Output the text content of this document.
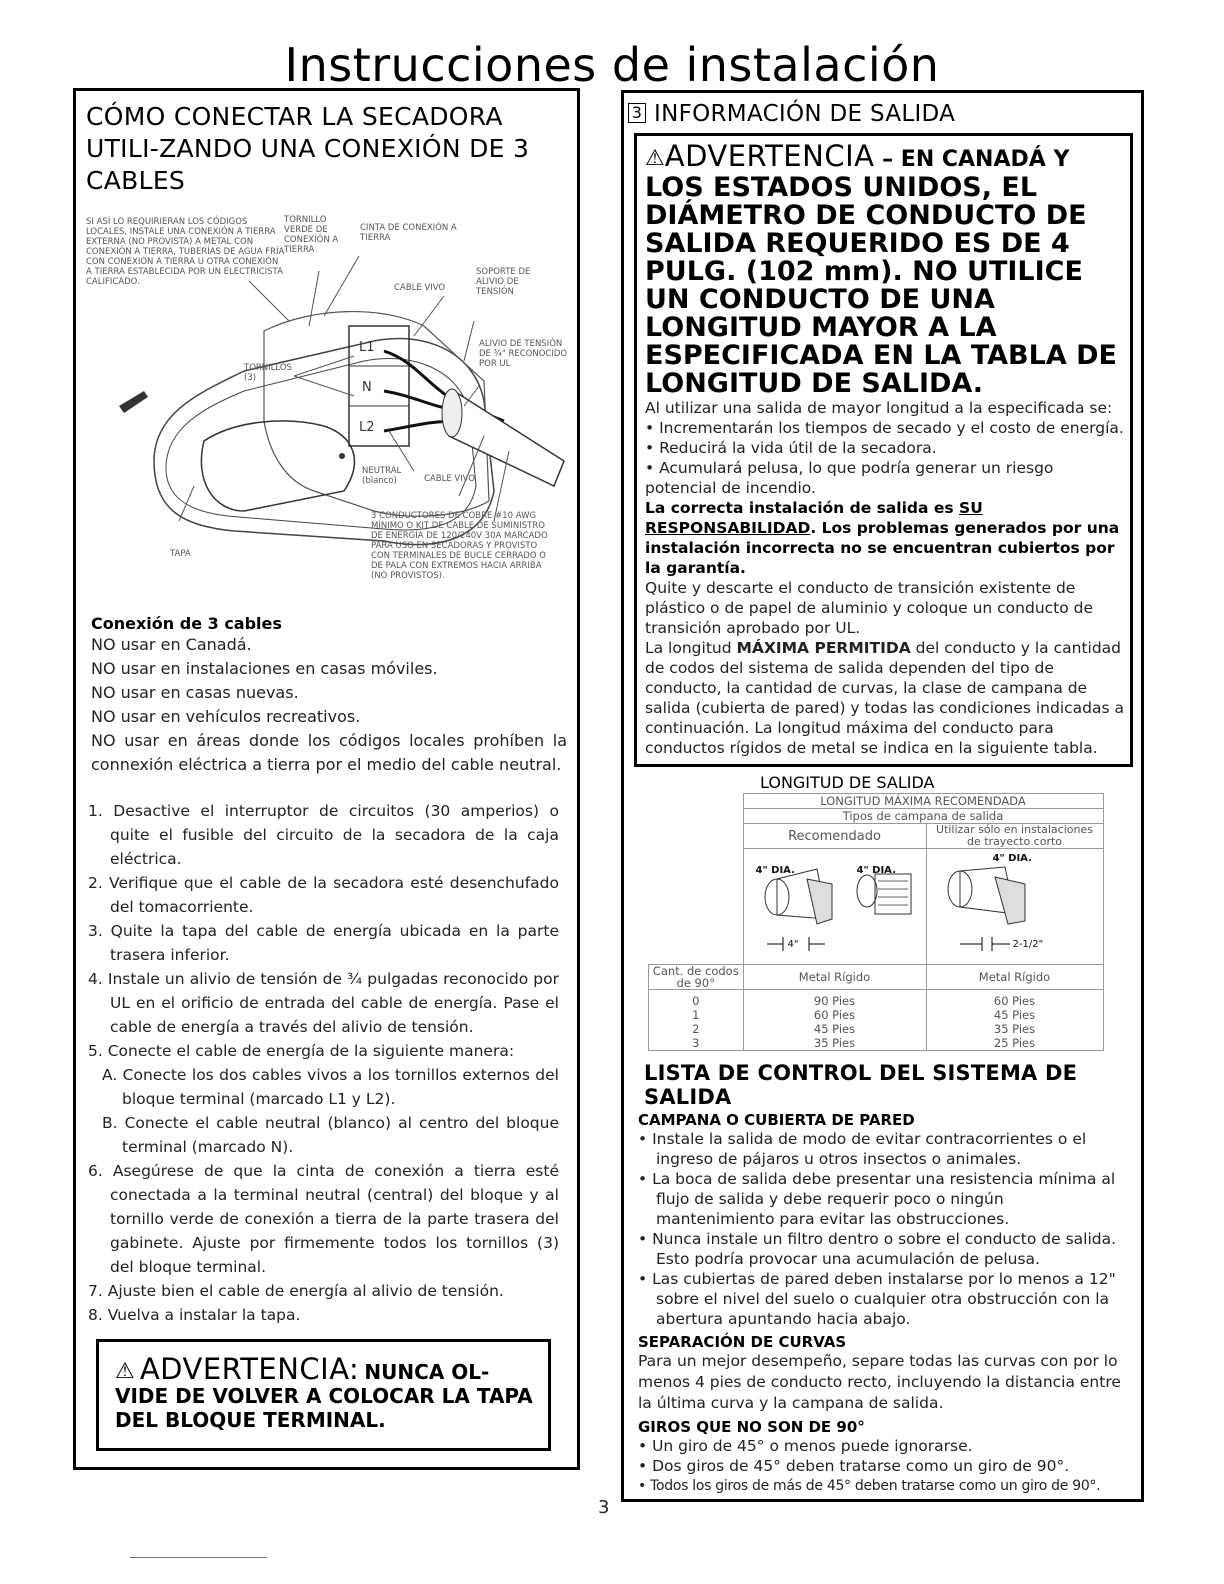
Instrucciones de instalación
CÓMO CONECTAR LA SECADORA UTILI-ZANDO UNA CONEXIÓN DE 3 CABLES
L1
N
L2
SI ASÍ LO REQUIRIERAN LOS CÓDIGOS LOCALES, INSTALE UNA CONEXIÓN A TIERRA EXTERNA (NO PROVISTA) A METAL CON CONEXIÓN A TIERRA, TUBERÍAS DE AGUA FRÍA CON CONEXIÓN A TIERRA U OTRA CONEXIÓN A TIERRA ESTABLECIDA POR UN ELECTRICISTA CALIFICADO.
TORNILLO VERDE DE CONEXIÓN A TIERRA
CINTA DE CONEXIÓN A TIERRA
CABLE VIVO
SOPORTE DE ALIVIO DE TENSIÓN
ALIVIO DE TENSIÓN DE ¾" RECONOCIDO POR UL
TORNILLOS (3)
NEUTRAL (blanco)	CABLE VIVO
3 CONDUCTORES DE COBRE #10 AWG MÍNIMO O KIT DE CABLE DE SUMINISTRO DE ENERGÍA DE 120/240V 30A MARCADO PARA USO EN SECADORAS Y PROVISTO CON TERMINALES DE BUCLE CERRADO O DE PALA CON EXTREMOS HACIA ARRIBA (NO PROVISTOS).
TAPA
Conexión de 3 cables
NO usar en Canadá.
NO usar en instalaciones en casas móviles.
NO usar en casas nuevas.
NO usar en vehículos recreativos.
NO usar en áreas donde los códigos locales prohíben la connexión eléctrica a tierra por el medio del cable neutral.
1. Desactive el interruptor de circuitos (30 amperios) o quite el fusible del circuito de la secadora de la caja eléctrica.
2. Verifique que el cable de la secadora esté desenchufado del tomacorriente.
3. Quite la tapa del cable de energía ubicada en la parte trasera inferior.
4. Instale un alivio de tensión de ¾ pulgadas reconocido por UL en el orificio de entrada del cable de energía. Pase el cable de energía a través del alivio de tensión.
5. Conecte el cable de energía de la siguiente manera:
A. Conecte los dos cables vivos a los tornillos externos del bloque terminal (marcado L1 y L2).
B. Conecte el cable neutral (blanco) al centro del bloque terminal (marcado N).
6. Asegúrese de que la cinta de conexión a tierra esté conectada a la terminal neutral (central) del bloque y al tornillo verde de conexión a tierra de la parte trasera del gabinete. Ajuste por firmemente todos los tornillos (3) del bloque terminal.
7. Ajuste bien el cable de energía al alivio de tensión.
8. Vuelva a instalar la tapa.
⚠ ADVERTENCIA: NUNCA OL-
VIDE DE VOLVER A COLOCAR LA TAPA DEL BLOQUE TERMINAL.
3 INFORMACIÓN DE SALIDA
⚠ADVERTENCIA – EN CANADÁ Y
LOS ESTADOS UNIDOS, EL DIÁMETRO DE CONDUCTO DE SALIDA REQUERIDO ES DE 4 PULG. (102 mm). NO UTILICE UN CONDUCTO DE UNA LONGITUD MAYOR A LA ESPECIFICADA EN LA TABLA DE LONGITUD DE SALIDA.
Al utilizar una salida de mayor longitud a la especificada se:
• Incrementarán los tiempos de secado y el costo de energía.
• Reducirá la vida útil de la secadora.
• Acumulará pelusa, lo que podría generar un riesgo potencial de incendio.
La correcta instalación de salida es SU RESPONSABILIDAD. Los problemas generados por una instalación incorrecta no se encuentran cubiertos por la garantía.
Quite y descarte el conducto de transición existente de plástico o de papel de aluminio y coloque un conducto de transición aprobado por UL.
La longitud MÁXIMA PERMITIDA del conducto y la cantidad de codos del sistema de salida dependen del tipo de conducto, la cantidad de curvas, la clase de campana de salida (cubierta de pared) y todas las condiciones indicadas a continuación. La longitud máxima del conducto para conductos rígidos de metal se indica en la siguiente tabla.
LONGITUD DE SALIDA
	LONGITUD MÁXIMA RECOMENDADA	
	Tipos de campana de salida	
	Recomendado	Utilizar sólo en instalaciones de trayecto corto

	4" DIA. 4" DIA.
4"	4" DIA.
2-1/2"

Cant. de codos de 90°	Metal Rígido	Metal Rígido
0	90 Pies	60 Pies
1	60 Pies	45 Pies
2	45 Pies	35 Pies
3	35 Pies	25 Pies
LISTA DE CONTROL DEL SISTEMA DE SALIDA
CAMPANA O CUBIERTA DE PARED
• Instale la salida de modo de evitar contracorrientes o el ingreso de pájaros u otros insectos o animales.
• La boca de salida debe presentar una resistencia mínima al flujo de salida y debe requerir poco o ningún mantenimiento para evitar las obstrucciones.
• Nunca instale un filtro dentro o sobre el conducto de salida. Esto podría provocar una acumulación de pelusa.
• Las cubiertas de pared deben instalarse por lo menos a 12" sobre el nivel del suelo o cualquier otra obstrucción con la abertura apuntando hacia abajo.
SEPARACIÓN DE CURVAS
Para un mejor desempeño, separe todas las curvas con por lo menos 4 pies de conducto recto, incluyendo la distancia entre la última curva y la campana de salida.
GIROS QUE NO SON DE 90°
• Un giro de 45° o menos puede ignorarse.
• Dos giros de 45° deben tratarse como un giro de 90°.
• Todos los giros de más de 45° deben tratarse como un giro de 90°.
3
